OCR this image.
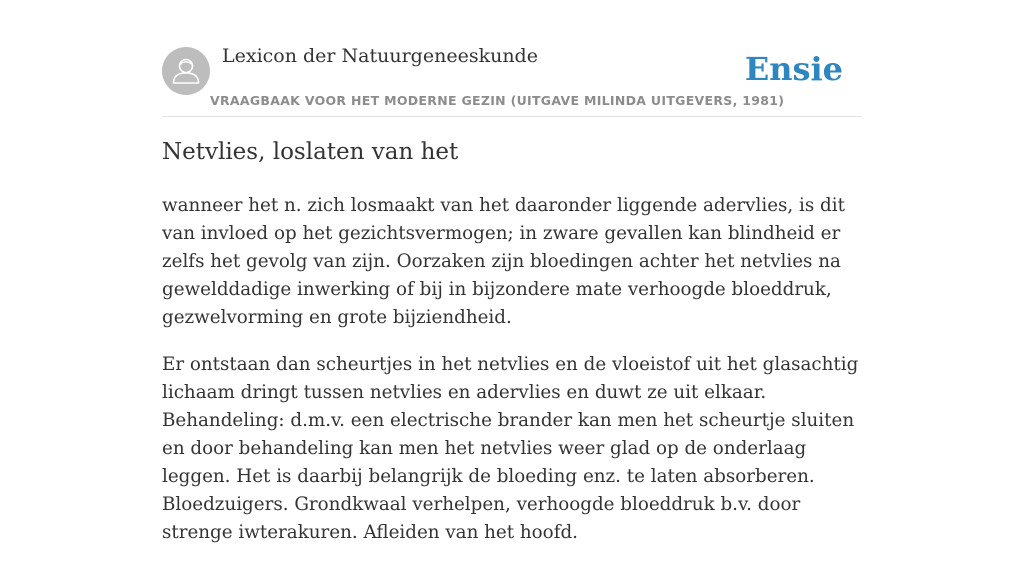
Lexicon der Natuurgeneeskunde
VRAAGBAAK VOOR HET MODERNE GEZIN (UITGAVE MILINDA UITGEVERS, 1981)
Ensie
Netvlies, loslaten van het

wanneer het n. zich losmaakt van het daaronder liggende adervlies, is dit van invloed op het gezichtsvermogen; in zware gevallen kan blindheid er zelfs het gevolg van zijn. Oorzaken zijn bloedingen achter het netvlies na gewelddadige inwerking of bij in bijzondere mate verhoogde bloeddruk, gezwelvorming en grote bijziendheid.

Er ontstaan dan scheurtjes in het netvlies en de vloeistof uit het glasachtig lichaam dringt tussen netvlies en adervlies en duwt ze uit elkaar. Behandeling: d.m.v. een electrische brander kan men het scheurtje sluiten en door behandeling kan men het netvlies weer glad op de onderlaag leggen. Het is daarbij belangrijk de bloeding enz. te laten absorberen. Bloedzuigers. Grondkwaal verhelpen, verhoogde bloeddruk b.v. door strenge iwterakuren. Afleiden van het hoofd.
